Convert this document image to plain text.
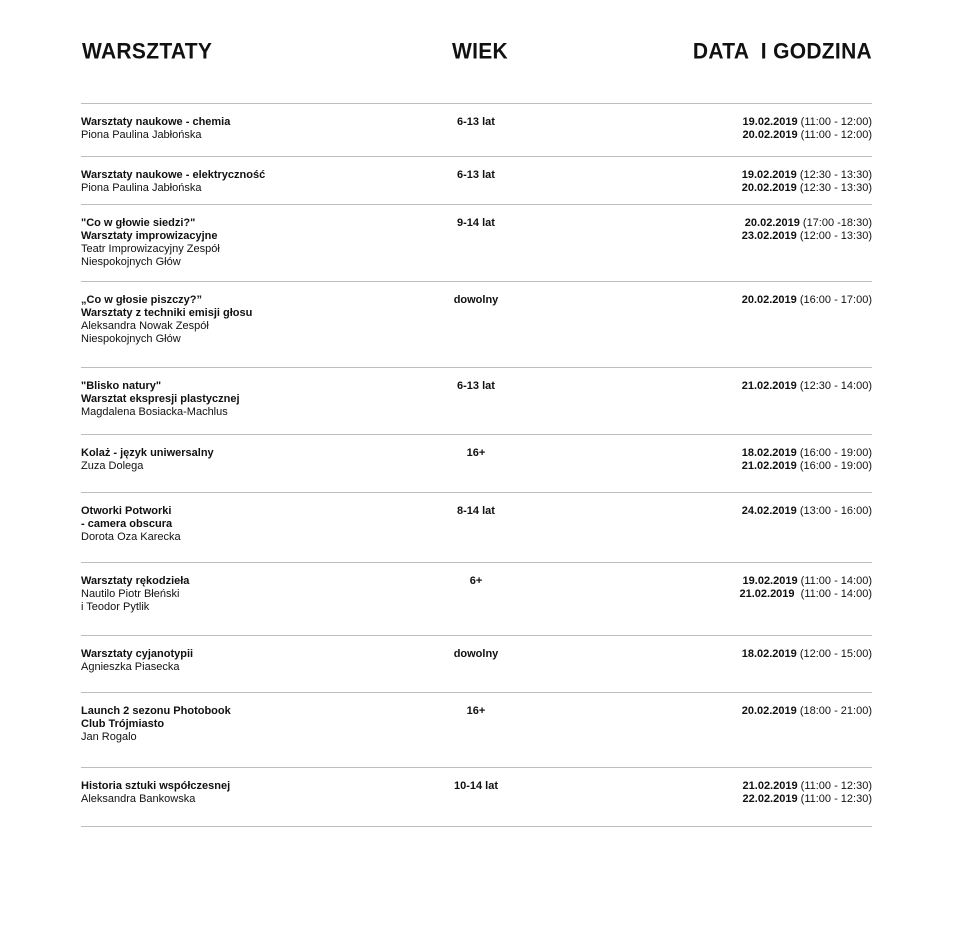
WARSZTATY	WIEK	DATA  I GODZINA
Warsztaty naukowe - chemia
Piona Paulina Jabłońska
6-13 lat	19.02.2019 (11:00 - 12:00)
20.02.2019 (11:00 - 12:00)
Warsztaty naukowe - elektryczność
Piona Paulina Jabłońska
6-13 lat	19.02.2019 (12:30 - 13:30)
20.02.2019 (12:30 - 13:30)
"Co w głowie siedzi?"
Warsztaty improwizacyjne
Teatr Improwizacyjny Zespół
Niespokojnych Głów
9-14 lat	20.02.2019 (17:00 -18:30)
23.02.2019 (12:00 - 13:30)
„Co w głosie piszczy?”
Warsztaty z techniki emisji głosu
Aleksandra Nowak Zespół
Niespokojnych Głów
dowolny	20.02.2019 (16:00 - 17:00)
"Blisko natury"
Warsztat ekspresji plastycznej
Magdalena Bosiacka-Machlus
6-13 lat	21.02.2019 (12:30 - 14:00)
Kolaż - język uniwersalny
Zuza Dolega
16+	18.02.2019 (16:00 - 19:00)
21.02.2019 (16:00 - 19:00)
Otworki Potworki
- camera obscura
Dorota Oza Karecka
8-14 lat	24.02.2019 (13:00 - 16:00)
Warsztaty rękodzieła
Nautilo Piotr Błeński
i Teodor Pytlik
6+	19.02.2019 (11:00 - 14:00)
21.02.2019  (11:00 - 14:00)
Warsztaty cyjanotypii
Agnieszka Piasecka
dowolny	18.02.2019 (12:00 - 15:00)
Launch 2 sezonu Photobook
Club Trójmiasto
Jan Rogalo
16+	20.02.2019 (18:00 - 21:00)
Historia sztuki współczesnej
Aleksandra Bankowska
10-14 lat	21.02.2019 (11:00 - 12:30)
22.02.2019 (11:00 - 12:30)
